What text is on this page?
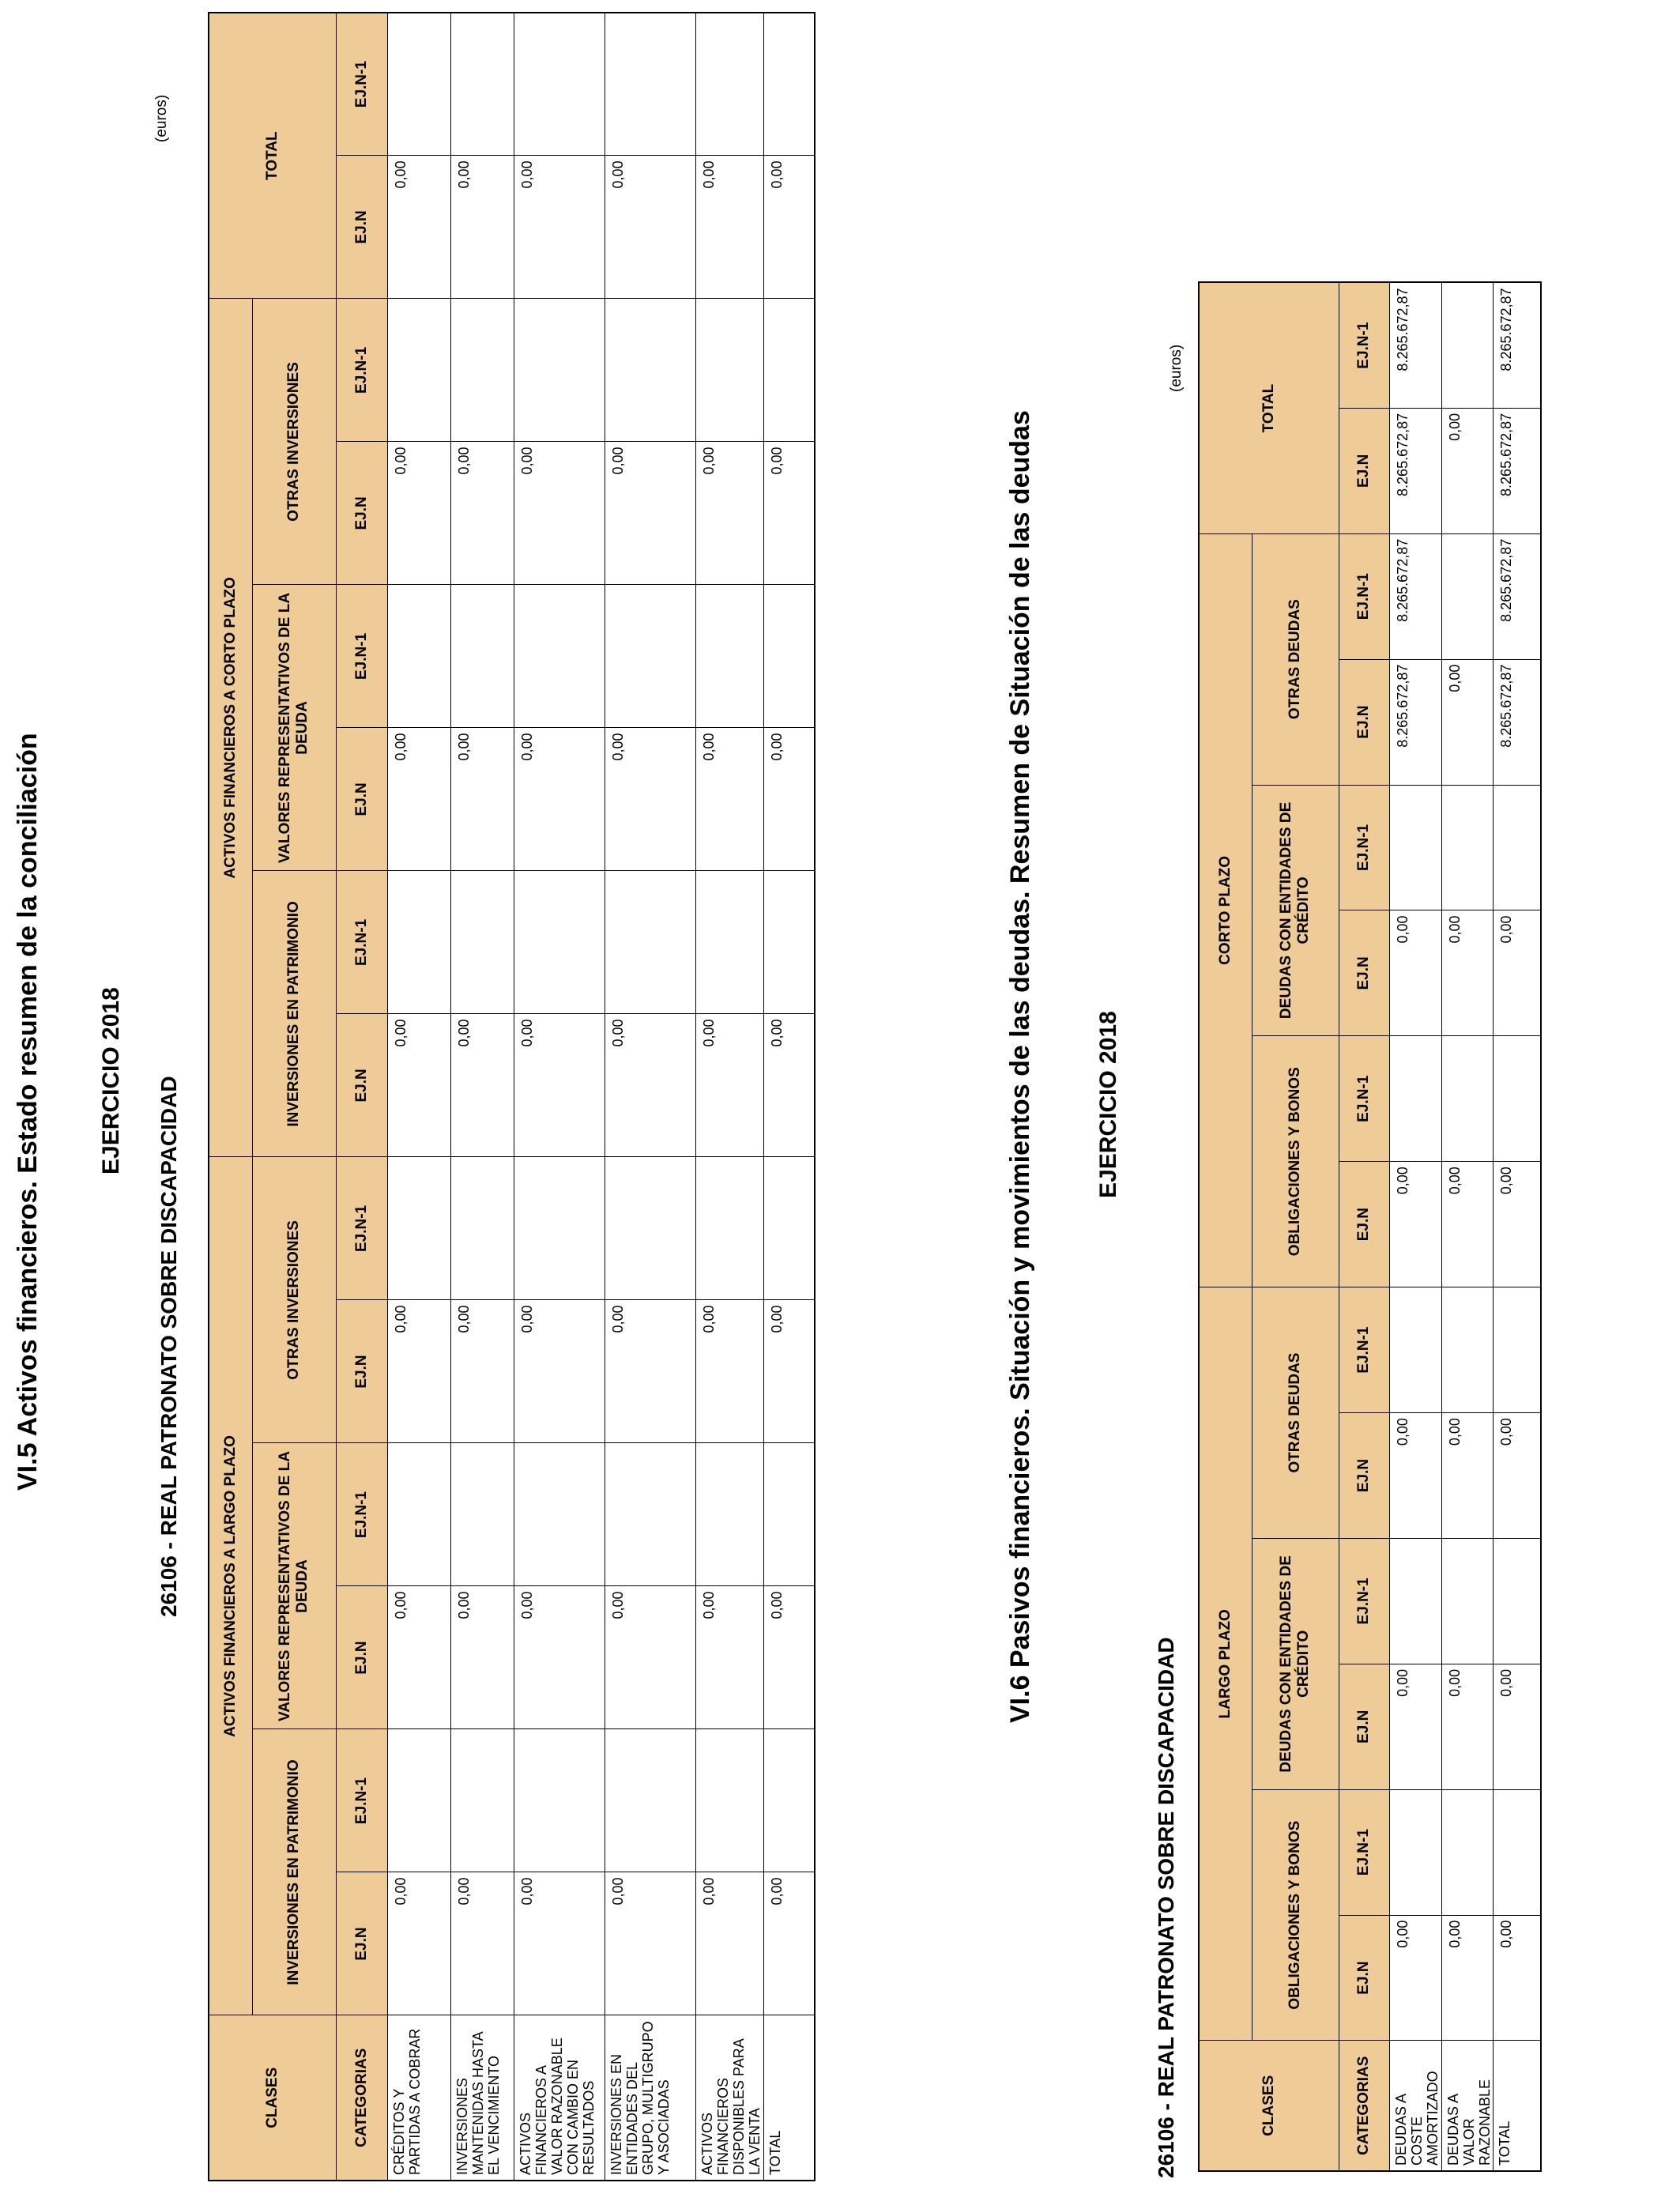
VI.5 Activos financieros. Estado resumen de la conciliación EJERCICIO 2018 26106 - REAL PATRONATO SOBRE DISCAPACIDAD
(euros)
CLASES	ACTIVOS FINANCIEROS A LARGO PLAZO						ACTIVOS FINANCIEROS A CORTO PLAZO						TOTAL	
	INVERSIONES EN PATRIMONIO		VALORES REPRESENTATIVOS DE LA DEUDA		OTRAS INVERSIONES		INVERSIONES EN PATRIMONIO		VALORES REPRESENTATIVOS DE LA DEUDA		OTRAS INVERSIONES			
CATEGORIAS	EJ.N	EJ.N-1	EJ.N	EJ.N-1	EJ.N	EJ.N-1	EJ.N	EJ.N-1	EJ.N	EJ.N-1	EJ.N	EJ.N-1	EJ.N	EJ.N-1
CRÉDITOS Y PARTIDAS A COBRAR	0,00		0,00		0,00		0,00		0,00		0,00		0,00	
INVERSIONES MANTENIDAS HASTA EL VENCIMIENTO	0,00		0,00		0,00		0,00		0,00		0,00		0,00	
ACTIVOS FINANCIEROS A VALOR RAZONABLE CON CAMBIO EN RESULTADOS	0,00		0,00		0,00		0,00		0,00		0,00		0,00	
INVERSIONES EN ENTIDADES DEL GRUPO, MULTIGRUPO Y ASOCIADAS	0,00		0,00		0,00		0,00		0,00		0,00		0,00	
ACTIVOS FINANCIEROS DISPONIBLES PARA LA VENTA	0,00		0,00		0,00		0,00		0,00		0,00		0,00	
TOTAL	0,00		0,00		0,00		0,00		0,00		0,00		0,00	
VI.6 Pasivos financieros. Situación y movimientos de las deudas. Resumen de Situación de las deudas	EJERCICIO 2018
26106 - REAL PATRONATO SOBRE DISCAPACIDAD
(euros)
CLASES	LARGO PLAZO						CORTO PLAZO						TOTAL	
	OBLIGACIONES Y BONOS		DEUDAS CON ENTIDADES DE CRÉDITO		OTRAS DEUDAS		OBLIGACIONES Y BONOS		DEUDAS CON ENTIDADES DE CRÉDITO		OTRAS DEUDAS			
CATEGORIAS	EJ.N	EJ.N-1	EJ.N	EJ.N-1	EJ.N	EJ.N-1	EJ.N	EJ.N-1	EJ.N	EJ.N-1	EJ.N	EJ.N-1	EJ.N	EJ.N-1
DEUDAS A COSTE AMORTIZADO	0,00		0,00		0,00		0,00		0,00		8.265.672,87	8.265.672,87	8.265.672,87	8.265.672,87
DEUDAS A VALOR RAZONABLE	0,00		0,00		0,00		0,00		0,00		0,00		0,00	
TOTAL	0,00		0,00		0,00		0,00		0,00		8.265.672,87	8.265.672,87	8.265.672,87	8.265.672,87
